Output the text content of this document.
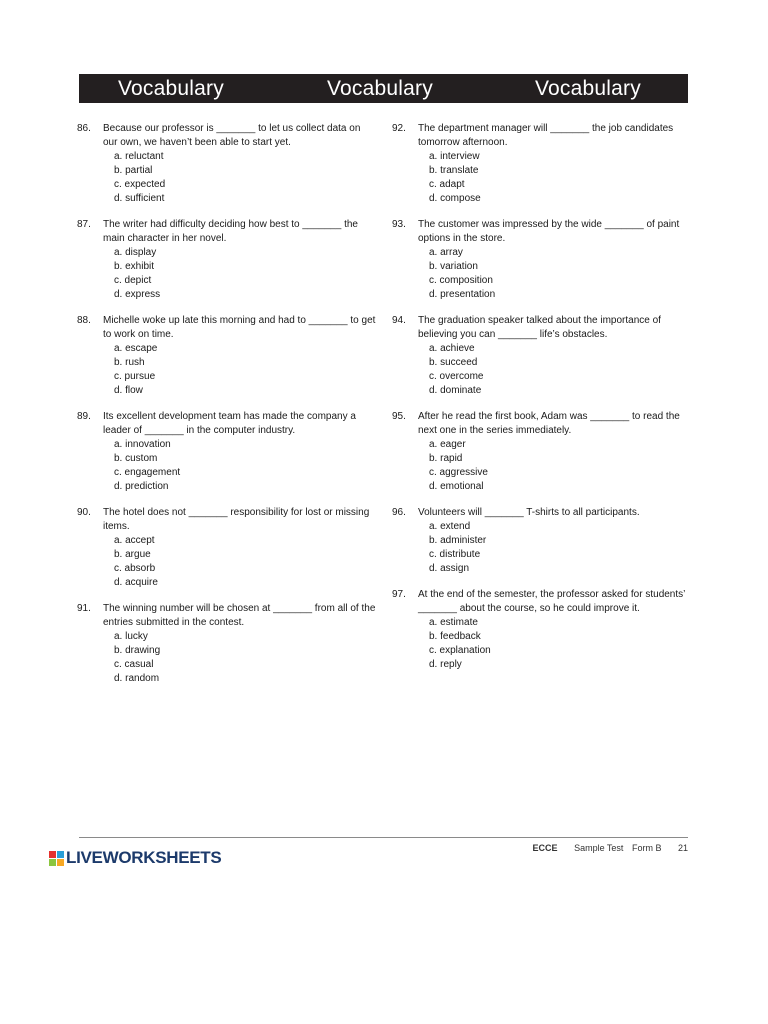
Vocabulary	Vocabulary	Vocabulary
86.	Because our professor is _______ to let us collect data on our own, we haven’t been able to start yet.
a. reluctant
b. partial
c. expected
d. sufficient
87.	The writer had difficulty deciding how best to _______ the main character in her novel.
a. display
b. exhibit
c. depict
d. express
88.	Michelle woke up late this morning and had to _______ to get to work on time.
a. escape
b. rush
c. pursue
d. flow
89.	Its excellent development team has made the company a leader of _______ in the computer industry.
a. innovation
b. custom
c. engagement
d. prediction
90.	The hotel does not _______ responsibility for lost or missing items.
a. accept
b. argue
c. absorb
d. acquire
91.	The winning number will be chosen at _______ from all of the entries submitted in the contest.
a. lucky
b. drawing
c. casual
d. random
92.	The department manager will _______ the job candidates tomorrow afternoon.
a. interview
b. translate
c. adapt
d. compose
93.	The customer was impressed by the wide _______ of paint options in the store.
a. array
b. variation
c. composition
d. presentation
94.	The graduation speaker talked about the importance of believing you can _______ life’s obstacles.
a. achieve
b. succeed
c. overcome
d. dominate
95.	After he read the first book, Adam was _______ to read the next one in the series immediately.
a. eager
b. rapid
c. aggressive
d. emotional
96.	Volunteers will _______ T-shirts to all participants.
a. extend
b. administer
c. distribute
d. assign
97.	At the end of the semester, the professor asked for students’ _______ about the course, so he could improve it.
a. estimate
b. feedback
c. explanation
d. reply
ECCE Sample Test Form B 21
LIVEWORKSHEETS
